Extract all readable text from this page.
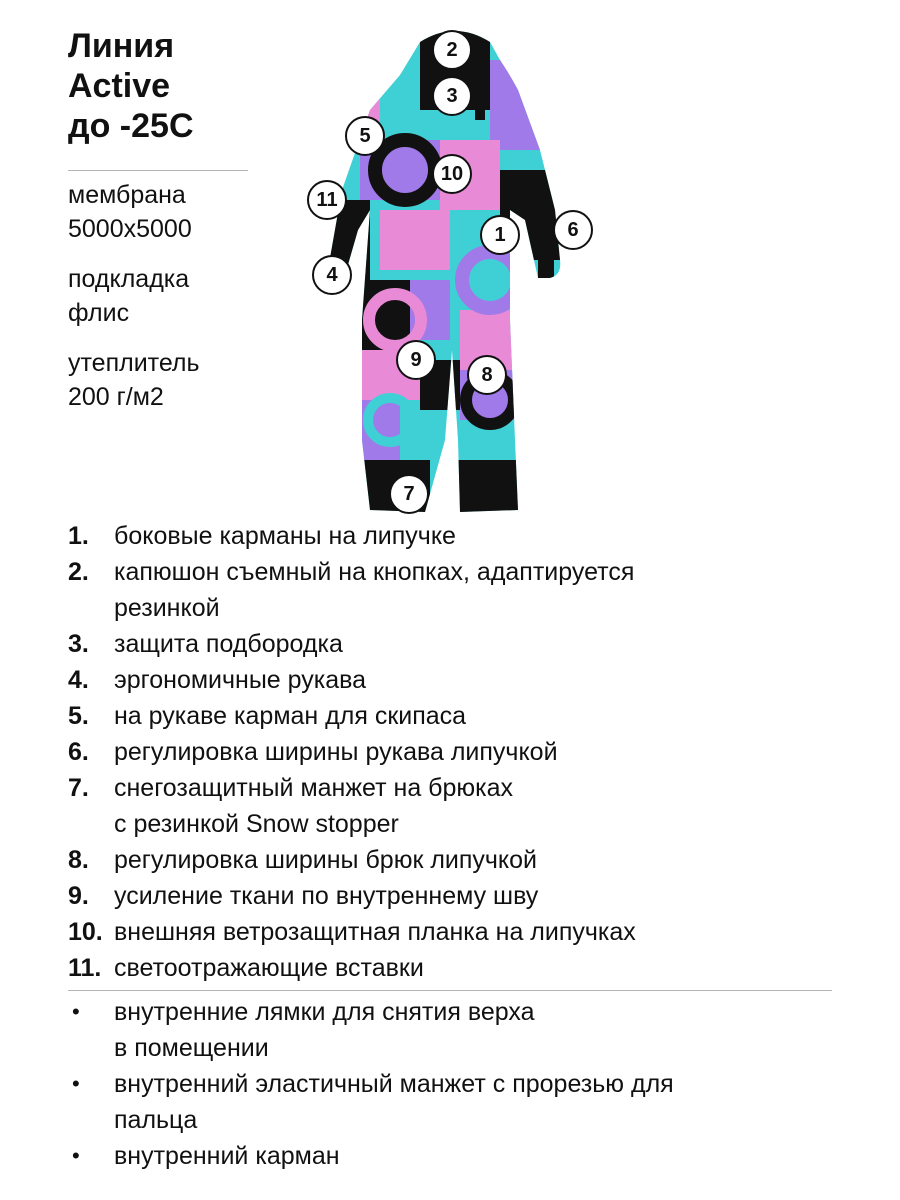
Линия
Active
до -25С
мембрана
5000х5000
подкладка
флис
утеплитель
200 г/м2
2
3
5
10
11
1	6
4
9
8
7
1.	боковые карманы на липучке
2.	капюшон съемный на кнопках, адаптируется
резинкой
3.	защита подбородка
4.	эргономичные рукава
5.	на рукаве карман для скипаса
6.	регулировка ширины рукава липучкой
7.	снегозащитный манжет на брюках
с резинкой Snow stopper
8.	регулировка ширины брюк липучкой
9.	усиление ткани по внутреннему шву
10. внешняя ветрозащитная планка на липучках
11. светоотражающие вставки
•	внутренние лямки для снятия верха
в помещении
•	внутренний эластичный манжет с прорезью для
пальца
•	внутренний карман
